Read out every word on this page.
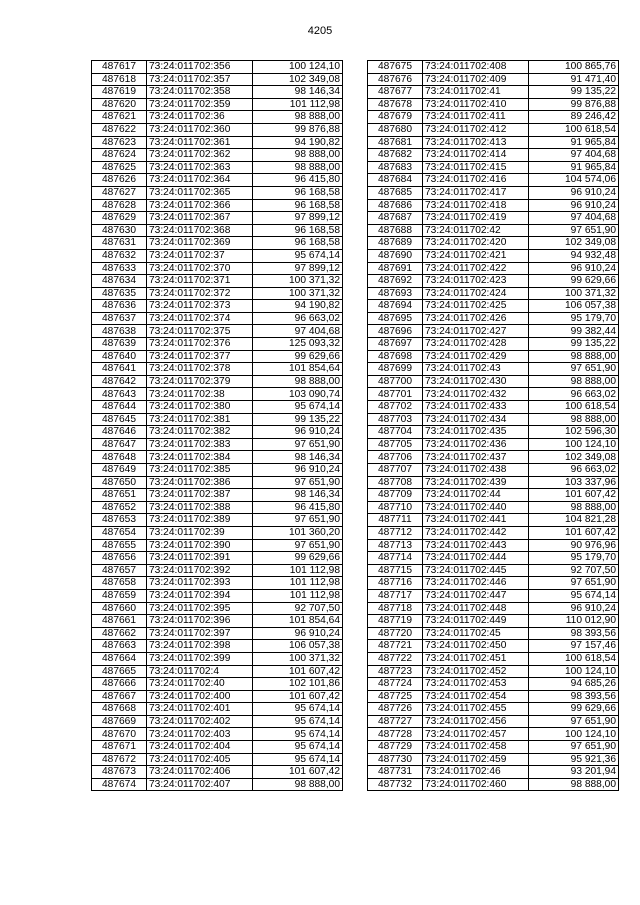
4205
487617	73:24:011702:356	100 124,10
487618	73:24:011702:357	102 349,08
487619	73:24:011702:358	98 146,34
487620	73:24:011702:359	101 112,98
487621	73:24:011702:36	98 888,00
487622	73:24:011702:360	99 876,88
487623	73:24:011702:361	94 190,82
487624	73:24:011702:362	98 888,00
487625	73:24:011702:363	98 888,00
487626	73:24:011702:364	96 415,80
487627	73:24:011702:365	96 168,58
487628	73:24:011702:366	96 168,58
487629	73:24:011702:367	97 899,12
487630	73:24:011702:368	96 168,58
487631	73:24:011702:369	96 168,58
487632	73:24:011702:37	95 674,14
487633	73:24:011702:370	97 899,12
487634	73:24:011702:371	100 371,32
487635	73:24:011702:372	100 371,32
487636	73:24:011702:373	94 190,82
487637	73:24:011702:374	96 663,02
487638	73:24:011702:375	97 404,68
487639	73:24:011702:376	125 093,32
487640	73:24:011702:377	99 629,66
487641	73:24:011702:378	101 854,64
487642	73:24:011702:379	98 888,00
487643	73:24:011702:38	103 090,74
487644	73:24:011702:380	95 674,14
487645	73:24:011702:381	99 135,22
487646	73:24:011702:382	96 910,24
487647	73:24:011702:383	97 651,90
487648	73:24:011702:384	98 146,34
487649	73:24:011702:385	96 910,24
487650	73:24:011702:386	97 651,90
487651	73:24:011702:387	98 146,34
487652	73:24:011702:388	96 415,80
487653	73:24:011702:389	97 651,90
487654	73:24:011702:39	101 360,20
487655	73:24:011702:390	97 651,90
487656	73:24:011702:391	99 629,66
487657	73:24:011702:392	101 112,98
487658	73:24:011702:393	101 112,98
487659	73:24:011702:394	101 112,98
487660	73:24:011702:395	92 707,50
487661	73:24:011702:396	101 854,64
487662	73:24:011702:397	96 910,24
487663	73:24:011702:398	106 057,38
487664	73:24:011702:399	100 371,32
487665	73:24:011702:4	101 607,42
487666	73:24:011702:40	102 101,86
487667	73:24:011702:400	101 607,42
487668	73:24:011702:401	95 674,14
487669	73:24:011702:402	95 674,14
487670	73:24:011702:403	95 674,14
487671	73:24:011702:404	95 674,14
487672	73:24:011702:405	95 674,14
487673	73:24:011702:406	101 607,42
487674	73:24:011702:407	98 888,00
487675	73:24:011702:408	100 865,76
487676	73:24:011702:409	91 471,40
487677	73:24:011702:41	99 135,22
487678	73:24:011702:410	99 876,88
487679	73:24:011702:411	89 246,42
487680	73:24:011702:412	100 618,54
487681	73:24:011702:413	91 965,84
487682	73:24:011702:414	97 404,68
487683	73:24:011702:415	91 965,84
487684	73:24:011702:416	104 574,06
487685	73:24:011702:417	96 910,24
487686	73:24:011702:418	96 910,24
487687	73:24:011702:419	97 404,68
487688	73:24:011702:42	97 651,90
487689	73:24:011702:420	102 349,08
487690	73:24:011702:421	94 932,48
487691	73:24:011702:422	96 910,24
487692	73:24:011702:423	99 629,66
487693	73:24:011702:424	100 371,32
487694	73:24:011702:425	106 057,38
487695	73:24:011702:426	95 179,70
487696	73:24:011702:427	99 382,44
487697	73:24:011702:428	99 135,22
487698	73:24:011702:429	98 888,00
487699	73:24:011702:43	97 651,90
487700	73:24:011702:430	98 888,00
487701	73:24:011702:432	96 663,02
487702	73:24:011702:433	100 618,54
487703	73:24:011702:434	98 888,00
487704	73:24:011702:435	102 596,30
487705	73:24:011702:436	100 124,10
487706	73:24:011702:437	102 349,08
487707	73:24:011702:438	96 663,02
487708	73:24:011702:439	103 337,96
487709	73:24:011702:44	101 607,42
487710	73:24:011702:440	98 888,00
487711	73:24:011702:441	104 821,28
487712	73:24:011702:442	101 607,42
487713	73:24:011702:443	90 976,96
487714	73:24:011702:444	95 179,70
487715	73:24:011702:445	92 707,50
487716	73:24:011702:446	97 651,90
487717	73:24:011702:447	95 674,14
487718	73:24:011702:448	96 910,24
487719	73:24:011702:449	110 012,90
487720	73:24:011702:45	98 393,56
487721	73:24:011702:450	97 157,46
487722	73:24:011702:451	100 618,54
487723	73:24:011702:452	100 124,10
487724	73:24:011702:453	94 685,26
487725	73:24:011702:454	98 393,56
487726	73:24:011702:455	99 629,66
487727	73:24:011702:456	97 651,90
487728	73:24:011702:457	100 124,10
487729	73:24:011702:458	97 651,90
487730	73:24:011702:459	95 921,36
487731	73:24:011702:46	93 201,94
487732	73:24:011702:460	98 888,00
